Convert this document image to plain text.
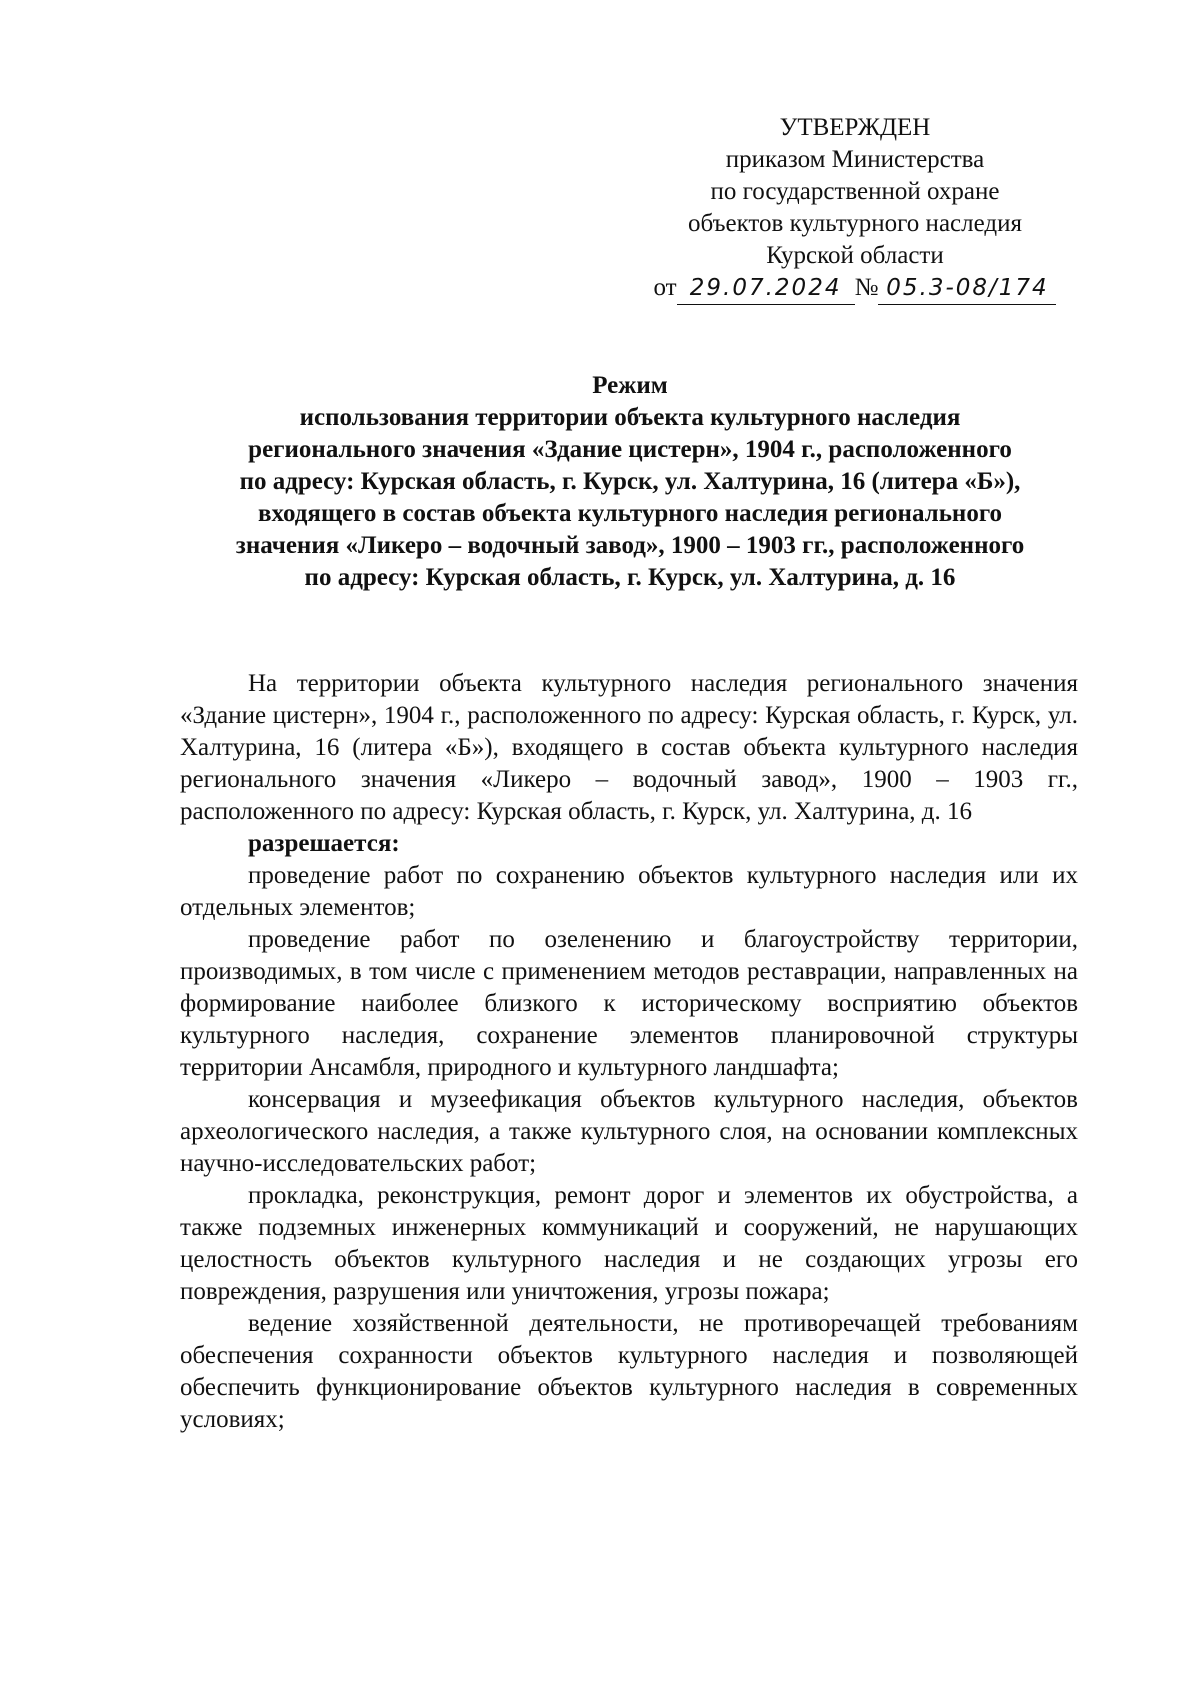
УТВЕРЖДЕН
приказом Министерства
по государственной охране
объектов культурного наследия
Курской области
от 29.07.2024 № 05.3-08/174
Режим
использования территории объекта культурного наследия
регионального значения «Здание цистерн», 1904 г., расположенного
по адресу: Курская область, г. Курск, ул. Халтурина, 16 (литера «Б»),
входящего в состав объекта культурного наследия регионального
значения «Ликеро – водочный завод», 1900 – 1903 гг., расположенного
по адресу: Курская область, г. Курск, ул. Халтурина, д. 16

На территории объекта культурного наследия регионального значения «Здание цистерн», 1904 г., расположенного по адресу: Курская область, г. Курск, ул. Халтурина, 16 (литера «Б»), входящего в состав объекта культурного наследия регионального значения «Ликеро – водочный завод», 1900 – 1903 гг., расположенного по адресу: Курская область, г. Курск, ул. Халтурина, д. 16

разрешается:

проведение работ по сохранению объектов культурного наследия или их отдельных элементов;

проведение работ по озеленению и благоустройству территории, производимых, в том числе с применением методов реставрации, направленных на формирование наиболее близкого к историческому восприятию объектов культурного наследия, сохранение элементов планировочной структуры территории Ансамбля, природного и культурного ландшафта;

консервация и музеефикация объектов культурного наследия, объектов археологического наследия, а также культурного слоя, на основании комплексных научно-исследовательских работ;

прокладка, реконструкция, ремонт дорог и элементов их обустройства, а также подземных инженерных коммуникаций и сооружений, не нарушающих целостность объектов культурного наследия и не создающих угрозы его повреждения, разрушения или уничтожения, угрозы пожара;

ведение хозяйственной деятельности, не противоречащей требованиям обеспечения сохранности объектов культурного наследия и позволяющей обеспечить функционирование объектов культурного наследия в современных условиях;
